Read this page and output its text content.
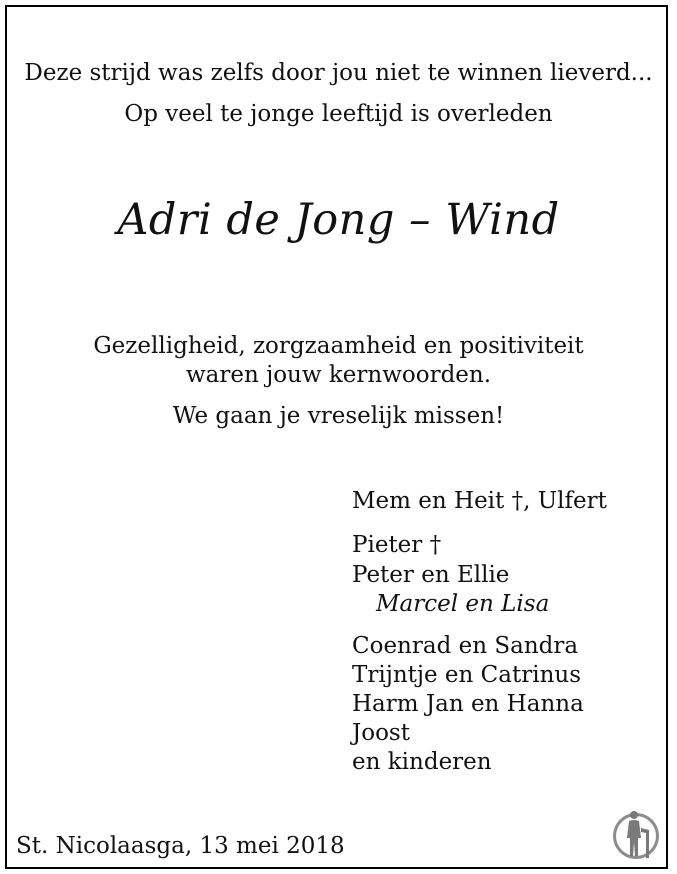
Deze strijd was zelfs door jou niet te winnen lieverd...
Op veel te jonge leeftijd is overleden
Adri de Jong – Wind
Gezelligheid, zorgzaamheid en positiviteit
waren jouw kernwoorden.
We gaan je vreselijk missen!
Mem en Heit †, Ulfert
Pieter †
Peter en Ellie
Marcel en Lisa
Coenrad en Sandra
Trijntje en Catrinus
Harm Jan en Hanna
Joost
en kinderen
St. Nicolaasga, 13 mei 2018
